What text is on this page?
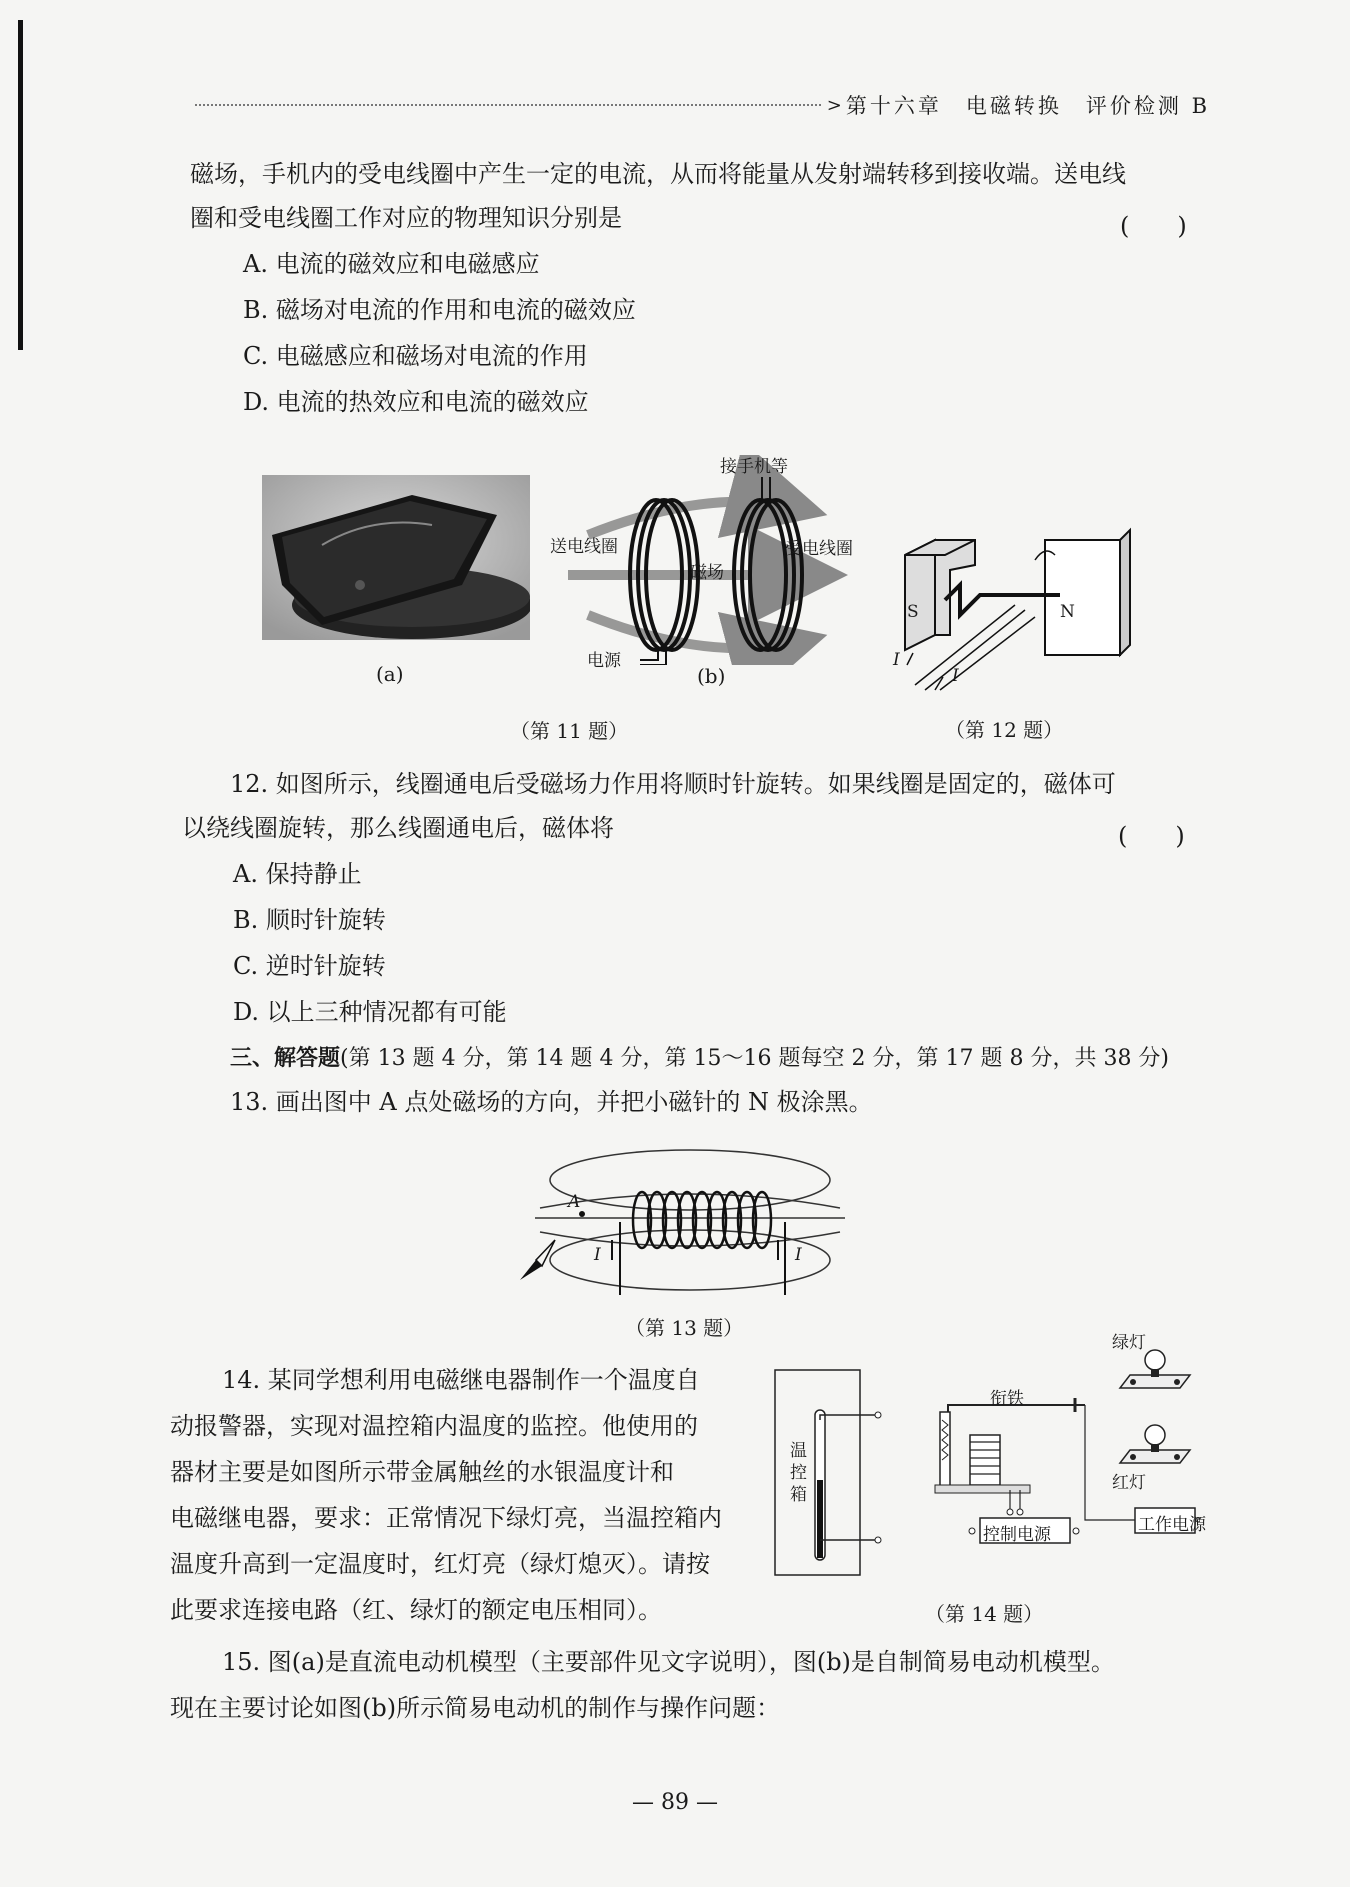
> 第十六章　电磁转换　评价检测 B
磁场，手机内的受电线圈中产生一定的电流，从而将能量从发射端转移到接收端。送电线
圈和受电线圈工作对应的物理知识分别是	(　　)
A. 电流的磁效应和电磁感应
B. 磁场对电流的作用和电流的磁效应
C. 电磁感应和磁场对电流的作用
D. 电流的热效应和电流的磁效应
(a)
接手机等
送电线圈	受电线圈
磁场
电源
(b)
（第 11 题）
S	N
I
I
（第 12 题）
12. 如图所示，线圈通电后受磁场力作用将顺时针旋转。如果线圈是固定的，磁体可
以绕线圈旋转，那么线圈通电后，磁体将	(　　)
A. 保持静止
B. 顺时针旋转
C. 逆时针旋转
D. 以上三种情况都有可能
三、解答题(第 13 题 4 分，第 14 题 4 分，第 15～16 题每空 2 分，第 17 题 8 分，共 38 分)
13. 画出图中 A 点处磁场的方向，并把小磁针的 N 极涂黑。
A
I	I
（第 13 题）
14. 某同学想利用电磁继电器制作一个温度自
动报警器，实现对温控箱内温度的监控。他使用的
器材主要是如图所示带金属触丝的水银温度计和
电磁继电器，要求：正常情况下绿灯亮，当温控箱内
温度升高到一定温度时，红灯亮（绿灯熄灭）。请按
此要求连接电路（红、绿灯的额定电压相同）。
温控箱
衔铁
绿灯
红灯
控制电源	工作电源
（第 14 题）
15. 图(a)是直流电动机模型（主要部件见文字说明），图(b)是自制简易电动机模型。
现在主要讨论如图(b)所示简易电动机的制作与操作问题：
— 89 —
